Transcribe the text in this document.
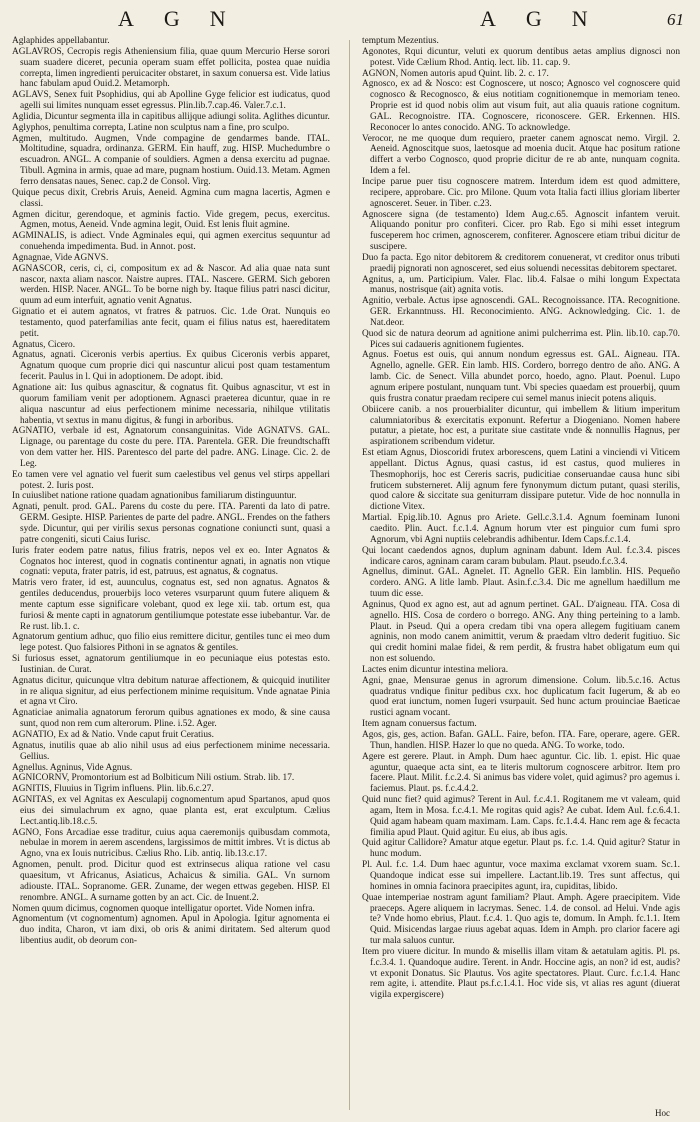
AGN	AGN	61

Aglaphides appellabantur.

AGLAVROS, Cecropis regis Atheniensium filia, quae quum Mercurio Herse sorori suam suadere diceret, pecunia operam suam effet pollicita, postea quae nuidia correpta, limen ingredienti peruicaciter obstaret, in saxum conuersa est. Vide latius hanc fabulam apud Ouid.2. Metamorph.

AGLAVS, Senex fuit Psophidius, qui ab Apolline Gyge felicior est iudicatus, quod agelli sui limites nunquam esset egressus. Plin.lib.7.cap.46. Valer.7.c.1.

Aglidia, Dicuntur segmenta illa in capitibus allijque adiungi solita. Aglithes dicuntur.

Aglyphos, penultima correpta, Latine non sculptus nam a fine, pro sculpo.

Agmen, multitudo. Augmen, Vnde compagine de gendarmes bande. ITAL. Moltitudine, squadra, ordinanza. GERM. Ein hauff, zug. HISP. Muchedumbre o escuadron. ANGL. A companie of souldiers. Agmen a densa exercitu ad pugnae. Tibull. Agmina in armis, quae ad mare, pugnam hostium. Ouid.13. Metam. Agmen ferro densatas naues, Senec. cap.2 de Consol. Virg.

Quique pecus dixit, Crebris Aruis, Aeneid. Agmina cum magna lacertis, Agmen e classi.

Agmen dicitur, gerendoque, et agminis factio. Vide gregem, pecus, exercitus. Agmen, motus, Aeneid. Vnde agmina legit, Ouid. Est lenis fluit agmine.

AGMINALIS, is adiect. Vnde Agminales equi, qui agmen exercitus sequuntur ad conuehenda impedimenta. Bud. in Annot. post.

Agnagnae, Vide AGNVS.

AGNASCOR, ceris, ci, ci, compositum ex ad & Nascor. Ad alia quae nata sunt nascor, naxta aliam nascor. Naistre aupres. ITAL. Nascere. GERM. Sich geboren werden. HISP. Nacer. ANGL. To be borne nigh by. Itaque filius patri nasci dicitur, quum ad eum interfuit, agnatio venit Agnatus.

Gignatio et ei autem agnatos, vt fratres & patruos. Cic. 1.de Orat. Nunquis eo testamento, quod paterfamilias ante fecit, quam ei filius natus est, haereditatem petit.

Agnatus, Cicero.

Agnatus, agnati. Ciceronis verbis apertius. Ex quibus Ciceronis verbis apparet, Agnatum quoque cum proprie dici qui nascuntur alicui post quam testamentum fecerit. Paulus in l. Qui in adoptionem. De adopt. ibid.

Agnatione ait: Ius quibus agnascitur, & cognatus fit. Quibus agnascitur, vt est in quorum familiam venit per adoptionem. Agnasci praeterea dicuntur, quae in re aliqua nascuntur ad eius perfectionem minime necessaria, nihilque vtilitatis habentia, vt sextus in manu digitus, & fungi in arboribus.

AGNATIO, verbale id est, Agnatorum consanguinitas. Vide AGNATVS. GAL. Lignage, ou parentage du coste du pere. ITA. Parentela. GER. Die freundtschafft von dem vatter her. HIS. Parentesco del parte del padre. ANG. Linage. Cic. 2. de Leg.

Eo tamen vere vel agnatio vel fuerit sum caelestibus vel genus vel stirps appellari potest. 2. Iuris post.

In cuiuslibet natione ratione quadam agnationibus familiarum distinguuntur.

Agnati, penult. prod. GAL. Parens du coste du pere. ITA. Parenti da lato di patre. GERM. Gesipte. HISP. Parientes de parte del padre. ANGL. Frendes on the fathers syde. Dicuntur, qui per virilis sexus personas cognatione coniuncti sunt, quasi a patre congeniti, sicuti Caius Iurisc.

Iuris frater eodem patre natus, filius fratris, nepos vel ex eo. Inter Agnatos & Cognatos hoc interest, quod in cognatis continentur agnati, in agnatis non vtique cognati: veputa, frater patris, id est, patruus, est agnatus, & cognatus.

Matris vero frater, id est, auunculus, cognatus est, sed non agnatus. Agnatos & gentiles deducendus, prouerbijs loco veteres vsurparunt quum futere aliquem & mente captum esse significare volebant, quod ex lege xii. tab. ortum est, qua furiosi & mente capti in agnatorum gentiliumque potestate esse iubebantur. Var. de Re rust. lib.1. c.

Agnatorum gentium adhuc, quo filio eius remittere dicitur, gentiles tunc ei meo dum lege potest. Quo falsiores Pithoni in se agnatos & gentiles.

Si furiosus esset, agnatorum gentiliumque in eo pecuniaque eius potestas esto. Iustinian. de Curat.

Agnatus dicitur, quicunque vltra debitum naturae affectionem, & quicquid inutiliter in re aliqua signitur, ad eius perfectionem minime requisitum. Vnde agnatae Pinia et agna vt Ciro.

Agnaticiae animalia agnatorum ferorum quibus agnationes ex modo, & sine causa sunt, quod non rem cum alterorum. Pline. i.52. Ager.

AGNATIO, Ex ad & Natio. Vnde caput fruit Ceratius.

Agnatus, inutilis quae ab alio nihil usus ad eius perfectionem minime necessaria. Gellius.

Agnellus. Agninus, Vide Agnus.

AGNICORNV, Promontorium est ad Bolbiticum Nili ostium. Strab. lib. 17.

AGNITIS, Fluuius in Tigrim influens. Plin. lib.6.c.27.

AGNITAS, ex vel Agnitas ex Aesculapij cognomentum apud Spartanos, apud quos eius dei simulachrum ex agno, quae planta est, erat exculptum. Cælius Lect.antiq.lib.18.c.5.

AGNO, Fons Arcadiae esse traditur, cuius aqua caeremonijs quibusdam commota, nebulae in morem in aerem ascendens, largissimos de mittit imbres. Vt is dictus ab Agno, vna ex Iouis nutricibus. Cælius Rho. Lib. antiq. lib.13.c.17.

Agnomen, penult. prod. Dicitur quod est extrinsecus aliqua ratione vel casu quaesitum, vt Africanus, Asiaticus, Achaicus & similia. GAL. Vn surnom adiouste. ITAL. Sopranome. GER. Zuname, der wegen ettwas gegeben. HISP. El renombre. ANGL. A surname gotten by an act. Cic. de Inuent.2.

Nomen quum dicimus, cognomen quoque intelligatur oportet. Vide Nomen infra.

Agnomentum (vt cognomentum) agnomen. Apul in Apologia. Igitur agnomenta ei duo indita, Charon, vt iam dixi, ob oris & animi diritatem. Sed alterum quod libentius audit, ob deorum con-

temptum Mezentius.

Agonotes, Rqui dicuntur, veluti ex quorum dentibus aetas amplius dignosci non potest. Vide Cælium Rhod. Antiq. lect. lib. 11. cap. 9.

AGNON, Nomen autoris apud Quint. lib. 2. c. 17.

Agnosco, ex ad & Nosco: est Cognoscere, ut nosco; Agnosco vel cognoscere quid cognosco & Recognosco, & eius notitiam cognitionemque in memoriam teneo. Proprie est id quod nobis olim aut visum fuit, aut alia quauis ratione cognitum. GAL. Recognoistre. ITA. Cognoscere, riconoscere. GER. Erkennen. HIS. Reconocer lo antes conocido. ANG. To acknowledge.

Verocor, ne me quoque dum requiero, praeter canem agnoscat nemo. Virgil. 2. Aeneid. Agnoscitque suos, laetosque ad moenia ducit. Atque hac positum ratione differt a verbo Cognosco, quod proprie dicitur de re ab ante, nunquam cognita. Idem a fel.

Incipe parue puer tisu cognoscere matrem. Interdum idem est quod admittere, recipere, approbare. Cic. pro Milone. Quum vota Italia facti illius gloriam liberter agnosceret. Seuer. in Tiber. c.23.

Agnoscere signa (de testamento) Idem Aug.c.65. Agnoscit infantem veruit. Aliquando ponitur pro confiteri. Cicer. pro Rab. Ego si mihi esset integrum fusceperem hoc crimen, agnoscerem, confiterer. Agnoscere etiam tribui dicitur de suscipere.

Duo fa pacta. Ego nitor debitorem & creditorem conuenerat, vt creditor onus tributi praedij pignorati non agnosceret, sed eius soluendi necessitas debitorem spectaret.

Agnitus, a, um. Participium. Valer. Flac. lib.4. Falsae o mihi longum Expectata manus, nostrisque (ait) agnita votis.

Agnitio, verbale. Actus ipse agnoscendi. GAL. Recognoissance. ITA. Recognitione. GER. Erkanntnuss. HI. Reconocimiento. ANG. Acknowledging. Cic. 1. de Nat.deor.

Quod sic de natura deorum ad agnitione animi pulcherrima est. Plin. lib.10. cap.70. Pices sui cadaueris agnitionem fugientes.

Agnus. Foetus est ouis, qui annum nondum egressus est. GAL. Aigneau. ITA. Agnello, agnelle. GER. Ein lamb. HIS. Cordero, borrego dentro de año. ANG. A lamb. Cic. de Senect. Villa abundet porco, hoedo, agno. Plaut. Poenul. Lupo agnum eripere postulant, nunquam tunt. Vbi species quaedam est prouerbij, quum quis frustra conatur praedam recipere cui semel manus iniecit potens aliquis.

Obiicere canib. a nos prouerbialiter dicuntur, qui imbellem & litium imperitum calumniatoribus & exercitatis exponunt. Refertur a Diogeniano. Nomen habere putatur, a pietate, hoc est, a puritate siue castitate vnde & nonnullis Hagnus, per aspirationem scribendum videtur.

Est etiam Agnus, Dioscoridi frutex arborescens, quem Latini a vinciendi vi Viticem appellant. Dictus Agnus, quasi castus, id est castus, quod mulieres in Thesmophorijs, hoc est Cereris sacris, pudicitiae conseruandae causa hunc sibi fruticem substerneret. Alij agnum fere fynonymum dictum putant, quasi sterilis, quod calore & siccitate sua geniturram dissipare putetur. Vide de hoc nonnulla in dictione Vitex.

Martial. Epig.lib.10. Agnus pro Ariete. Gell.c.3.1.4. Agnum foeminam Iunoni caedito. Plin. Auct. f.c.1.4. Agnum horum vter est pinguior cum fumi spro Agnorum, vbi Agni nuptiis celebrandis adhibentur. Idem Caps.f.c.1.4.

Qui locant caedendos agnos, duplum agninam dabunt. Idem Aul. f.c.3.4. pisces indicare caros, agninam caram caram bubulam. Plaut. pseudo.f.c.3.4.

Agnellus, diminut. GAL. Agnelet. IT. Agnello GER. Ein lamblin. HIS. Pequeño cordero. ANG. A litle lamb. Plaut. Asin.f.c.3.4. Dic me agnellum haedillum me tuum dic esse.

Agninus, Quod ex agno est, aut ad agnum pertinet. GAL. D'aigneau. ITA. Cosa di agnello. HIS. Cosa de cordero o borrego. ANG. Any thing perteining to a lamb. Plaut. in Pseud. Qui a opera credam tibi vna opera allegem fugitiuam canem agninis, non modo canem animittit, verum & praedam vltro dederit fugitiuo. Sic qui credit homini malae fidei, & rem perdit, & frustra habet obligatum eum qui non est soluendo.

Lactes enim dicuntur intestina meliora.

Agni, gnae, Mensurae genus in agrorum dimensione. Colum. lib.5.c.16. Actus quadratus vndique finitur pedibus cxx. hoc duplicatum facit Iugerum, & ab eo quod erat iunctum, nomen Iugeri vsurpauit. Sed hunc actum prouinciae Baeticae rustici agnam vocant.

Item agnam conuersus factum.

Agos, gis, ges, action. Bafan. GALL. Faire, befon. ITA. Fare, operare, agere. GER. Thun, handlen. HISP. Hazer lo que no queda. ANG. To worke, todo.

Agere est gerere. Plaut. in Amph. Dum haec aguntur. Cic. lib. 1. epist. Hic quae aguntur, quaeque acta sint, ea te literis multorum cognoscere arbitror. Item pro facere. Plaut. Milit. f.c.2.4. Si animus bas videre volet, quid agimus? pro agemus i. faciemus. Plaut. ps. f.c.4.4.2.

Quid nunc fiet? quid agimus? Terent in Aul. f.c.4.1. Rogitanem me vt valeam, quid agam, Item in Mosa. f.c.4.1. Me rogitas quid agis? Ae cubat. Idem Aul. f.c.6.4.1. Quid agam habeam quam maximam. Lam. Caps. fc.1.4.4. Hanc rem age & fecacta fimilia apud Plaut. Quid agitur. Eu eius, ab ibus agis.

Quid agitur Callidore? Amatur atque egetur. Plaut ps. f.c. 1.4. Quid agitur? Statur in hunc modum.

Pl. Aul. f.c. 1.4. Dum haec aguntur, voce maxima exclamat vxorem suam. Sc.1. Quandoque indicat esse sui impellere. Lactant.lib.19. Tres sunt affectus, qui homines in omnia facinora praecipites agunt, ira, cupiditas, libido.

Quae intemperiae nostram agunt familiam? Plaut. Amph. Agere praecipitem. Vide praeceps. Agere aliquem in lacrymas. Senec. 1.4. de consol. ad Helui. Vnde agis te? Vnde homo ebrius, Plaut. f.c.4. 1. Quo agis te, domum. In Amph. fc.1.1. Item Quid. Misicendas largae riuus agebat aquas. Idem in Amph. pro clarior facere agi tur mala saluos cuntur.

Item pro viuere dicitur. In mundo & misellis illam vitam & aetatulam agitis. Pl. ps. f.c.3.4. 1. Quandoque audire. Terent. in Andr. Hoccine agis, an non? id est, audis? vt exponit Donatus. Sic Plautus. Vos agite spectatores. Plaut. Curc. f.c.1.4. Hanc rem agite, i. attendite. Plaut ps.f.c.1.4.1. Hoc vide sis, vt alias res agunt (diuerat vigila expergiscere)

Hoc
